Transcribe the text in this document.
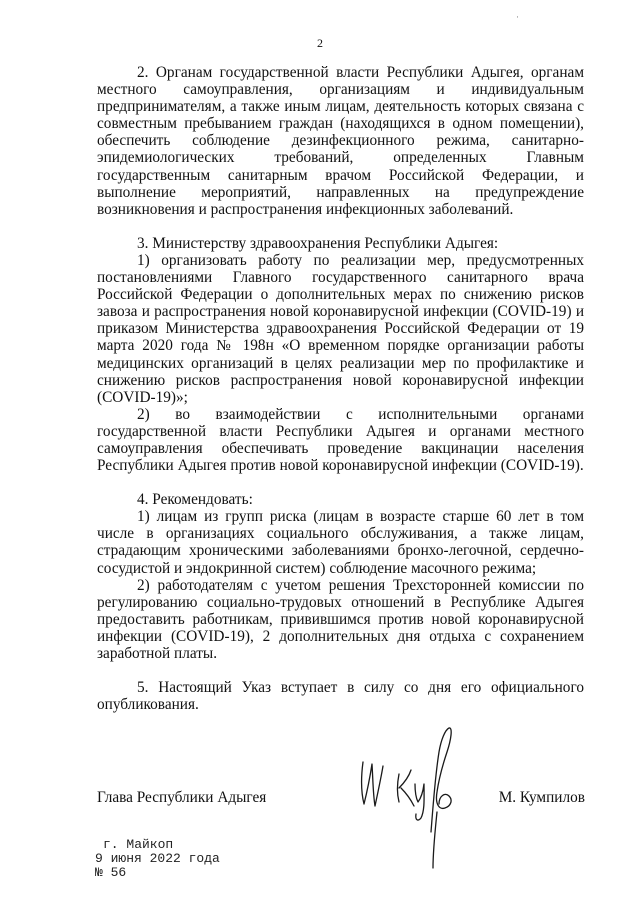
2
·

2. Органам государственной власти Республики Адыгея, органам местного самоуправления, организациям и индивидуальным предпринимателям, а также иным лицам, деятельность которых связана с совместным пребыванием граждан (находящихся в одном помещении), обеспечить соблюдение дезинфекционного режима, санитарно-эпидемиологических требований, определенных Главным государственным санитарным врачом Российской Федерации, и выполнение мероприятий, направленных на предупреждение возникновения и распространения инфекционных заболеваний.

3. Министерству здравоохранения Республики Адыгея:

1) организовать работу по реализации мер, предусмотренных постановлениями Главного государственного санитарного врача Российской Федерации о дополнительных мерах по снижению рисков завоза и распространения новой коронавирусной инфекции (COVID-19) и приказом Министерства здравоохранения Российской Федерации от 19 марта 2020 года № 198н «О временном порядке организации работы медицинских организаций в целях реализации мер по профилактике и снижению рисков распространения новой коронавирусной инфекции (COVID-19)»;

2) во взаимодействии с исполнительными органами государственной власти Республики Адыгея и органами местного самоуправления обеспечивать проведение вакцинации населения Республики Адыгея против новой коронавирусной инфекции (COVID-19).

4. Рекомендовать:

1) лицам из групп риска (лицам в возрасте старше 60 лет в том числе в организациях социального обслуживания, а также лицам, страдающим хроническими заболеваниями бронхо-легочной, сердечно-сосудистой и эндокринной систем) соблюдение масочного режима;

2) работодателям с учетом решения Трехсторонней комиссии по регулированию социально-трудовых отношений в Республике Адыгея предоставить работникам, привившимся против новой коронавирусной инфекции (COVID-19), 2 дополнительных дня отдыха с сохранением заработной платы.

5. Настоящий Указ вступает в силу со дня его официального опубликования.

Глава Республики Адыгея	М. Кумпилов
г. Майкоп
9 июня 2022 года
№ 56
